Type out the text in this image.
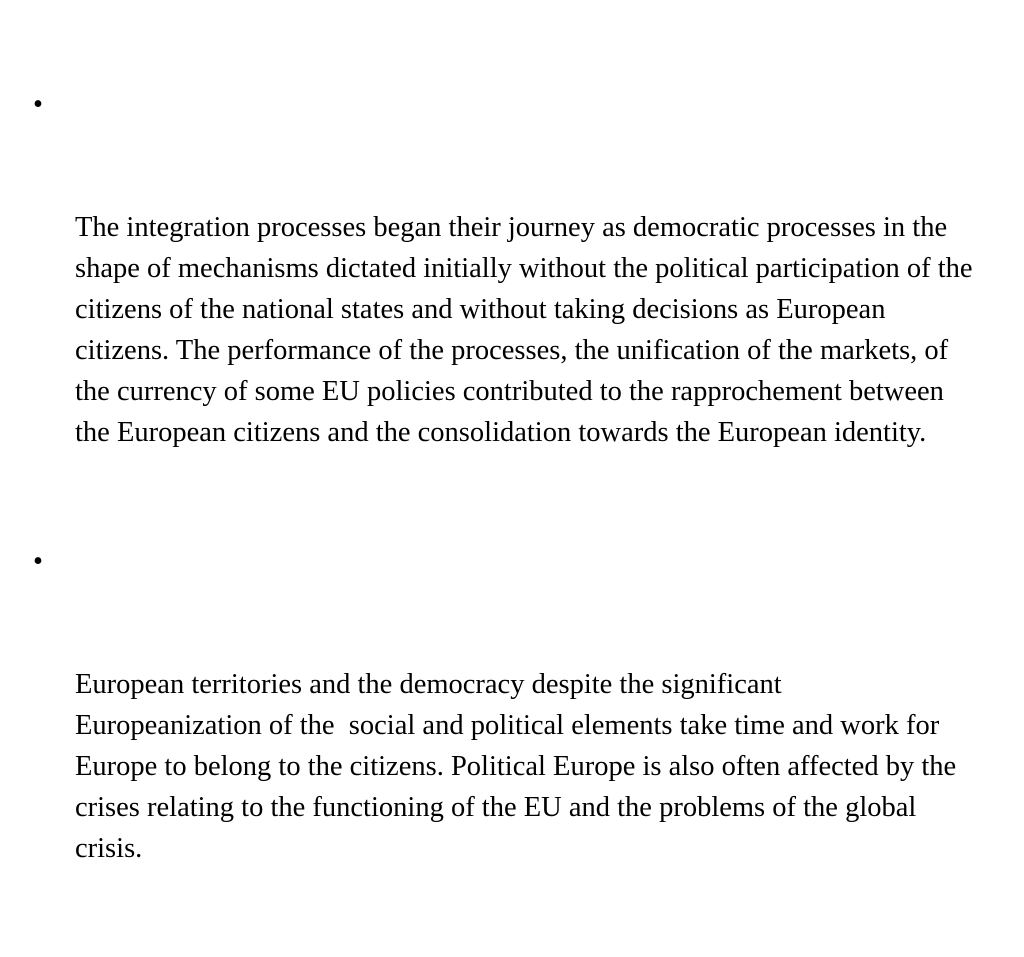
•

The integration processes began their journey as democratic processes in the shape of mechanisms dictated initially without the political participation of the citizens of the national states and without taking decisions as European citizens. The performance of the processes, the unification of the markets, of the currency of some EU policies contributed to the rapprochement between the European citizens and the consolidation towards the European identity.

•

European territories and the democracy despite the significant Europeanization of the  social and political elements take time and work for Europe to belong to the citizens. Political Europe is also often affected by the crises relating to the functioning of the EU and the problems of the global crisis.
